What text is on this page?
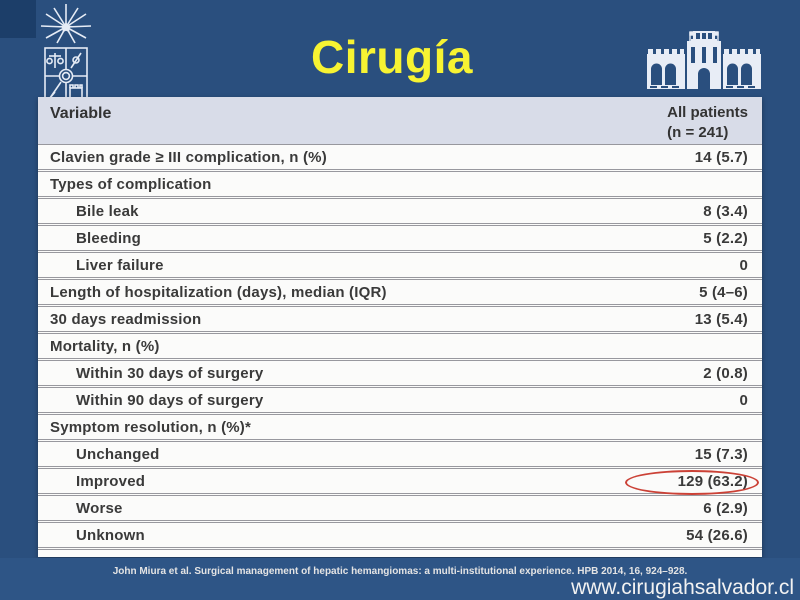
Cirugía
Variable	All patients
(n = 241)
Clavien grade ≥ III complication, n (%)	14 (5.7)
Types of complication
Bile leak	8 (3.4)
Bleeding	5 (2.2)
Liver failure	0
Length of hospitalization (days), median (IQR)	5 (4–6)
30 days readmission	13 (5.4)
Mortality, n (%)
Within 30 days of surgery	2 (0.8)
Within 90 days of surgery	0
Symptom resolution, n (%)*
Unchanged	15 (7.3)
Improved	129 (63.2)
Worse	6 (2.9)
Unknown	54 (26.6)
John Miura et al. Surgical management of hepatic hemangiomas: a multi-institutional experience. HPB 2014, 16, 924–928.
www.cirugiahsalvador.cl
